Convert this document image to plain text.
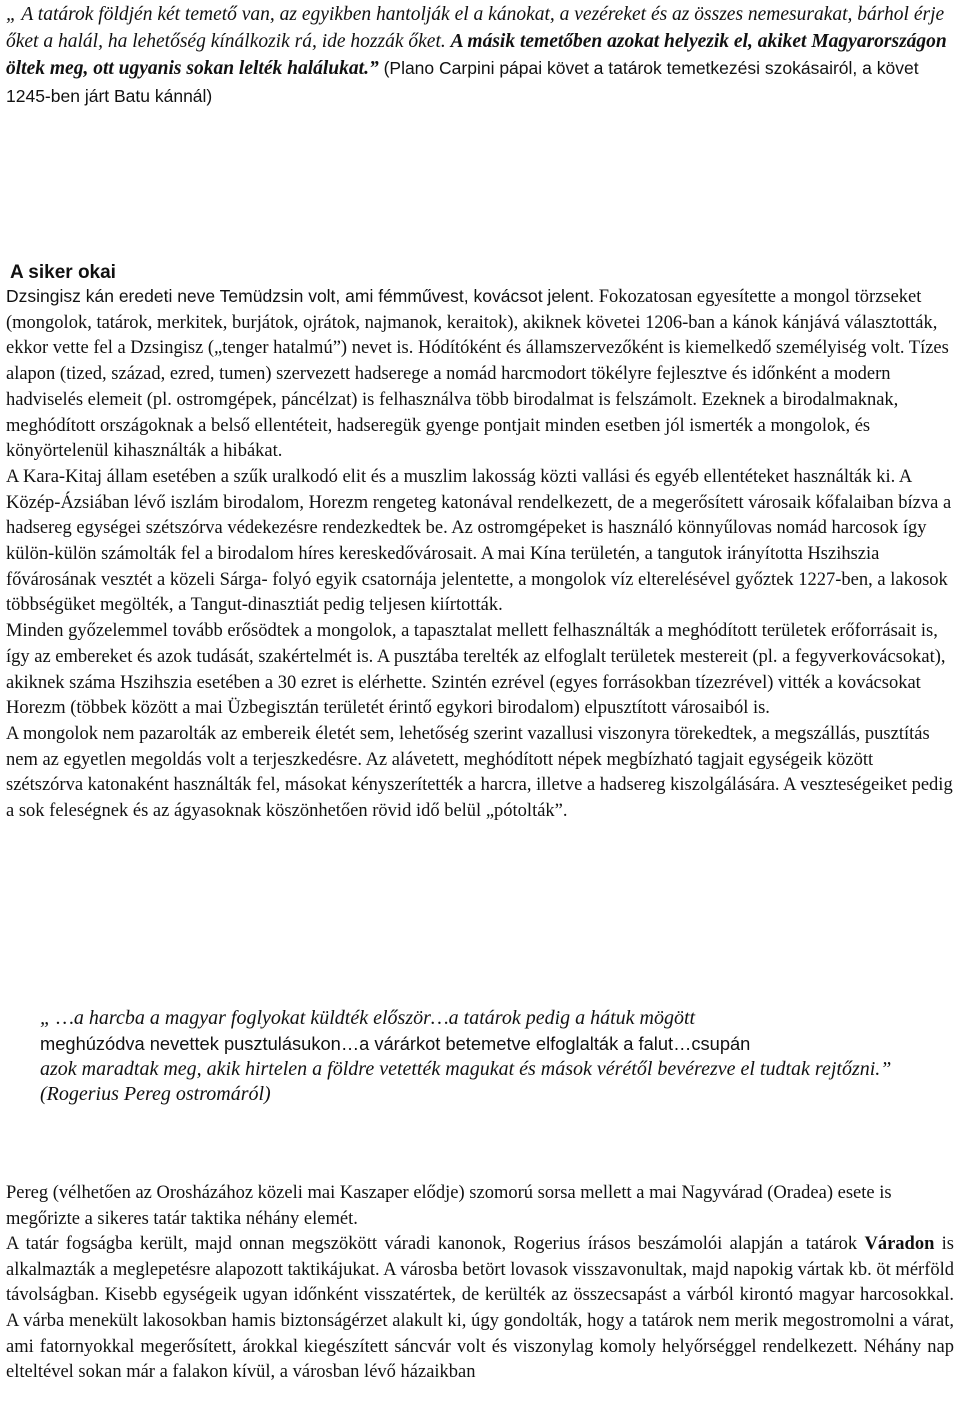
„ A tatárok földjén két temető van, az egyikben hantolják el a kánokat, a vezéreket és az összes nemesurakat, bárhol érje őket a halál, ha lehetőség kínálkozik rá, ide hozzák őket. A másik temetőben azokat helyezik el, akiket Magyarországon öltek meg, ott ugyanis sokan lelték halálukat.” (Plano Carpini pápai követ a tatárok temetkezési szokásairól, a követ 1245-ben járt Batu kánnál)

A siker okai

Dzsingisz kán eredeti neve Temüdzsin volt, ami fémművest, kovácsot jelent. Fokozatosan egyesítette a mongol törzseket (mongolok, tatárok, merkitek, burjátok, ojrátok, najmanok, keraitok), akiknek követei 1206-ban a kánok kánjává választották, ekkor vette fel a Dzsingisz („tenger hatalmú”) nevet is. Hódítóként és államszervezőként is kiemelkedő személyiség volt. Tízes alapon (tized, század, ezred, tumen) szervezett hadserege a nomád harcmodort tökélyre fejlesztve és időnként a modern hadviselés elemeit (pl. ostromgépek, páncélzat) is felhasználva több birodalmat is felszámolt. Ezeknek a birodalmaknak, meghódított országoknak a belső ellentéteit, hadseregük gyenge pontjait minden esetben jól ismerték a mongolok, és könyörtelenül kihasználták a hibákat.

A Kara-Kitaj állam esetében a szűk uralkodó elit és a muszlim lakosság közti vallási és egyéb ellentéteket használták ki. A Közép-Ázsiában lévő iszlám birodalom, Horezm rengeteg katonával rendelkezett, de a megerősített városaik kőfalaiban bízva a hadsereg egységei szétszórva védekezésre rendezkedtek be. Az ostromgépeket is használó könnyűlovas nomád harcosok így külön-külön számolták fel a birodalom híres kereskedővárosait. A mai Kína területén, a tangutok irányította Hszihszia fővárosának vesztét a közeli Sárga- folyó egyik csatornája jelentette, a mongolok víz elterelésével győztek 1227-ben, a lakosok többségüket megölték, a Tangut-dinasztiát pedig teljesen kiírtották.

Minden győzelemmel tovább erősödtek a mongolok, a tapasztalat mellett felhasználták a meghódított területek erőforrásait is, így az embereket és azok tudását, szakértelmét is. A pusztába terelték az elfoglalt területek mestereit (pl. a fegyverkovácsokat), akiknek száma Hszihszia esetében a 30 ezret is elérhette. Szintén ezrével (egyes forrásokban tízezrével) vitték a kovácsokat Horezm (többek között a mai Üzbegisztán területét érintő egykori birodalom) elpusztított városaiból is.

A mongolok nem pazarolták az embereik életét sem, lehetőség szerint vazallusi viszonyra törekedtek, a megszállás, pusztítás nem az egyetlen megoldás volt a terjeszkedésre. Az alávetett, meghódított népek megbízható tagjait egységeik között szétszórva katonaként használták fel, másokat kényszerítették a harcra, illetve a hadsereg kiszolgálására. A veszteségeiket pedig a sok feleségnek és az ágyasoknak köszönhetően rövid idő belül „pótolták”.

„ …a harcba a magyar foglyokat küldték először…a tatárok pedig a hátuk mögött
meghúzódva nevettek pusztulásukon…a várárkot betemetve elfoglalták a falut…csupán
azok maradtak meg, akik hirtelen a földre vetették magukat és mások vérétől bevérezve el tudtak rejtőzni.” (Rogerius Pereg ostromáról)

Pereg (vélhetően az Orosházához közeli mai Kaszaper elődje) szomorú sorsa mellett a mai Nagyvárad (Oradea) esete is megőrizte a sikeres tatár taktika néhány elemét.

A tatár fogságba került, majd onnan megszökött váradi kanonok, Rogerius írásos beszámolói alapján a tatárok Váradon is alkalmazták a meglepetésre alapozott taktikájukat. A városba betört lovasok visszavonultak, majd napokig vártak kb. öt mérföld távolságban. Kisebb egységeik ugyan időnként visszatértek, de kerülték az összecsapást a várból kirontó magyar harcosokkal. A várba menekült lakosokban hamis biztonságérzet alakult ki, úgy gondolták, hogy a tatárok nem merik megostromolni a várat, ami fatornyokkal megerősített, árokkal kiegészített sáncvár volt és viszonylag komoly helyőrséggel rendelkezett. Néhány nap elteltével sokan már a falakon kívül, a városban lévő házaikban
